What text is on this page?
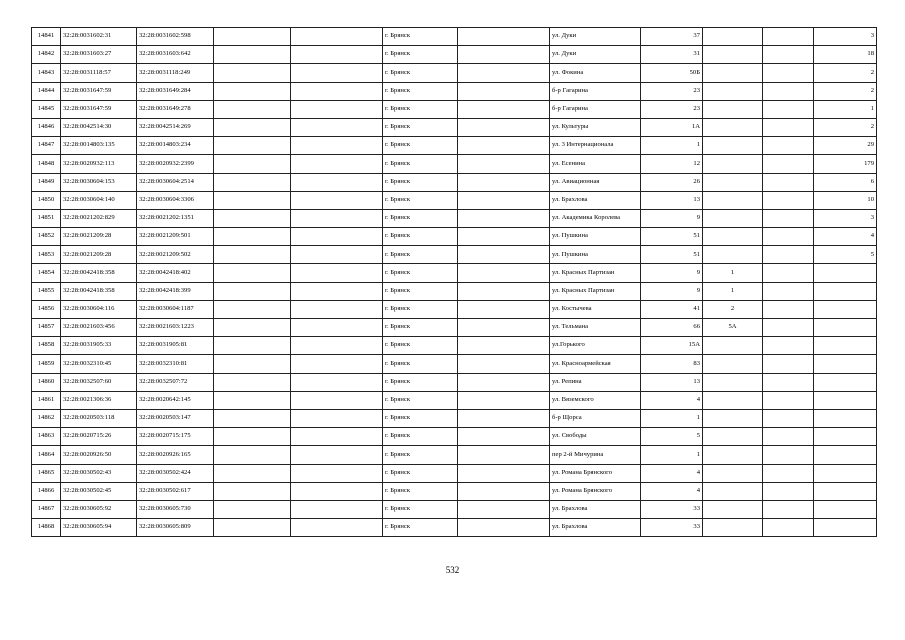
14841	32:28:0031602:31	32:28:0031602:598			г. Брянск		ул. Дуки	37			3
14842	32:28:0031603:27	32:28:0031603:642			г. Брянск		ул. Дуки	31			18
14843	32:28:0031118:57	32:28:0031118:249			г. Брянск		ул. Фокина	50Б			2
14844	32:28:0031647:59	32:28:0031649:284			г. Брянск		б-р Гагарина	23			2
14845	32:28:0031647:59	32:28:0031649:278			г. Брянск		б-р Гагарина	23			1
14846	32:28:0042514:30	32:28:0042514:269			г. Брянск		ул. Культуры	1А			2
14847	32:28:0014803:135	32:28:0014803:234			г. Брянск		ул. 3 Интернационала	1			29
14848	32:28:0020932:113	32:28:0020932:2399			г. Брянск		ул. Есенина	12			179
14849	32:28:0030604:153	32:28:0030604:2514			г. Брянск		ул. Авиационная	26			6
14850	32:28:0030604:140	32:28:0030604:3306			г. Брянск		ул. Брахлова	13			10
14851	32:28:0021202:829	32:28:0021202:1351			г. Брянск		ул. Академика Королева	9			3
14852	32:28:0021209:28	32:28:0021209:501			г. Брянск		ул. Пушкина	51			4
14853	32:28:0021209:28	32:28:0021209:502			г. Брянск		ул. Пушкина	51			5
14854	32:28:0042418:358	32:28:0042418:402			г. Брянск		ул. Красных Партизан	9	1		
14855	32:28:0042418:358	32:28:0042418:399			г. Брянск		ул. Красных Партизан	9	1		
14856	32:28:0030604:116	32:28:0030604:1187			г. Брянск		ул. Костычева	41	2		
14857	32:28:0021603:456	32:28:0021603:1223			г. Брянск		ул. Тельмана	66	5А		
14858	32:28:0031905:33	32:28:0031905:81			г. Брянск		ул.Горького	15А			
14859	32:28:0032310:45	32:28:0032310:81			г. Брянск		ул. Красноармейская	83			
14860	32:28:0032507:60	32:28:0032507:72			г. Брянск		ул. Репина	13			
14861	32:28:0021306:36	32:28:0020642:145			г. Брянск		ул. Вяземского	4			
14862	32:28:0020503:118	32:28:0020503:147			г. Брянск		б-р Щорса	1			
14863	32:28:0020715:26	32:28:0020715:175			г. Брянск		ул. Свободы	5			
14864	32:28:0020926:50	32:28:0020926:165			г. Брянск		пер 2-й Мичурина	1			
14865	32:28:0030502:43	32:28:0030502:424			г. Брянск		ул. Романа Брянского	4			
14866	32:28:0030502:45	32:28:0030502:617			г. Брянск		ул. Романа Брянского	4			
14867	32:28:0030605:92	32:28:0030605:730			г. Брянск		ул. Брахлова	33			
14868	32:28:0030605:94	32:28:0030605:809			г. Брянск		ул. Брахлова	33			
532
